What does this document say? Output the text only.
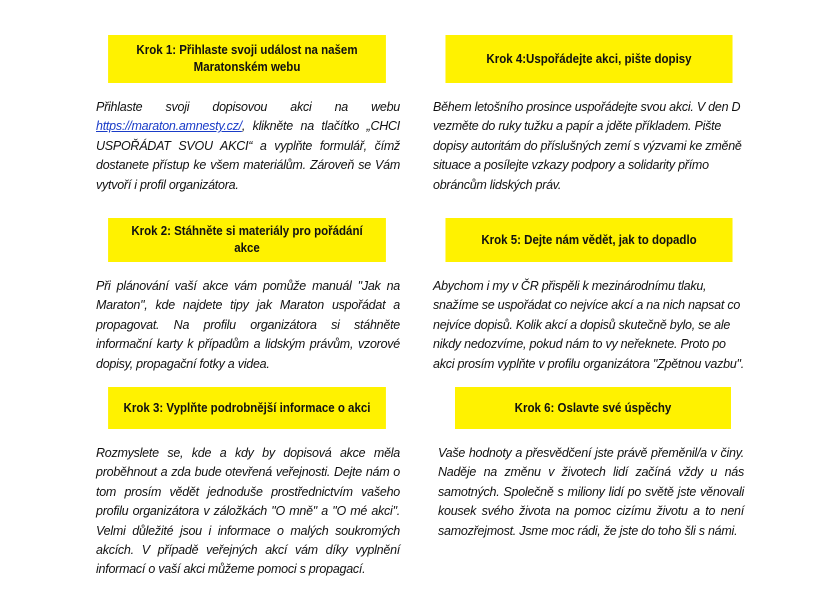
Krok 1: Přihlaste svoji událost na našem Maratonském webu

Přihlaste svoji dopisovou akci na webu https://maraton.amnesty.cz/, klikněte na tlačítko „CHCI USPOŘÁDAT SVOU AKCI“ a vyplňte formulář, čímž dostanete přístup ke všem materiálům. Zároveň se Vám vytvoří i profil organizátora.

Krok 2: Stáhněte si materiály pro pořádání akce

Při plánování vaší akce vám pomůže manuál "Jak na Maraton", kde najdete tipy jak Maraton uspořádat a propagovat. Na profilu organizátora si stáhněte informační karty k případům a lidským právům, vzorové dopisy, propagační fotky a videa.

Krok 3: Vyplňte podrobnější informace o akci

Rozmyslete se, kde a kdy by dopisová akce měla proběhnout a zda bude otevřená veřejnosti. Dejte nám o tom prosím vědět jednoduše prostřednictvím vašeho profilu organizátora v záložkách "O mně" a "O mé akci". Velmi důležité jsou i informace o malých soukromých akcích. V případě veřejných akcí vám díky vyplnění informací o vaší akci můžeme pomoci s propagací.

Krok 4:Uspořádejte akci, pište dopisy

Během letošního prosince uspořádejte svou akci. V den D vezměte do ruky tužku a papír a jděte příkladem. Pište dopisy autoritám do příslušných zemí s výzvami ke změně situace a posílejte vzkazy podpory a solidarity přímo obráncům lidských práv.

Krok 5: Dejte nám vědět, jak to dopadlo

Abychom i my v ČR přispěli k mezinárodnímu tlaku, snažíme se uspořádat co nejvíce akcí a na nich napsat co nejvíce dopisů. Kolik akcí a dopisů skutečně bylo, se ale nikdy nedozvíme, pokud nám to vy neřeknete. Proto po akci prosím vyplňte v profilu organizátora "Zpětnou vazbu".

Krok 6: Oslavte své úspěchy

Vaše hodnoty a přesvědčení jste právě přeměnil/a v činy. Naděje na změnu v životech lidí začíná vždy u nás samotných. Společně s miliony lidí po světě jste věnovali kousek svého života na pomoc cizímu životu a to není samozřejmost. Jsme moc rádi, že jste do toho šli s námi.
